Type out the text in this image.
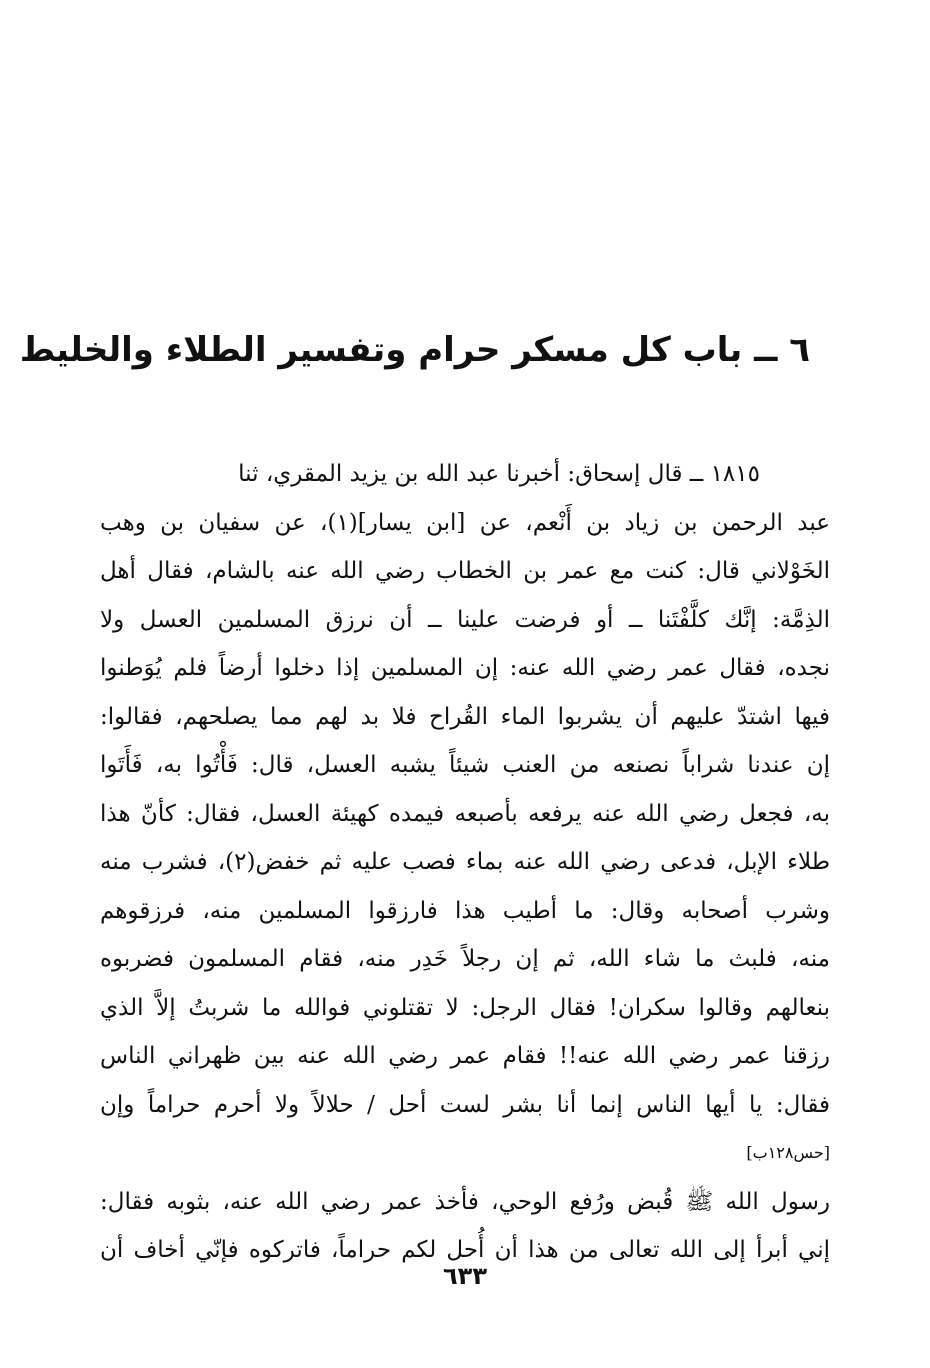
٦ ــ باب كل مسكر حرام وتفسير الطلاء والخليط
١٨١٥ ــ قال إسحاق: أخبرنا عبد الله بن يزيد المقري، ثنا
عبد الرحمن بن زياد بن أَنْعم، عن [ابن يسار](١)، عن سفيان بن وهب
الخَوْلاني قال: كنت مع عمر بن الخطاب رضي الله عنه بالشام، فقال أهل
الذِمَّة: إنَّك كلَّفْتَنا ــ أو فرضت علينا ــ أن نرزق المسلمين العسل ولا
نجده، فقال عمر رضي الله عنه: إن المسلمين إذا دخلوا أرضاً فلم يُوَطنوا
فيها اشتدّ عليهم أن يشربوا الماء القُراح فلا بد لهم مما يصلحهم، فقالوا:
إن عندنا شراباً نصنعه من العنب شيئاً يشبه العسل، قال: فَأْتُوا به، فَأَتَوا
به، فجعل رضي الله عنه يرفعه بأصبعه فيمده كهيئة العسل، فقال: كأنّ هذا
طلاء الإبل، فدعى رضي الله عنه بماء فصب عليه ثم خفض(٢)، فشرب منه
وشرب أصحابه وقال: ما أطيب هذا فارزقوا المسلمين منه، فرزقوهم
منه، فلبث ما شاء الله، ثم إن رجلاً خَدِر منه، فقام المسلمون فضربوه
بنعالهم وقالوا سكران! فقال الرجل: لا تقتلوني فوالله ما شربتُ إلاَّ الذي
رزقنا عمر رضي الله عنه!! فقام عمر رضي الله عنه بين ظهراني الناس
فقال: يا أيها الناس إنما أنا بشر لست أحل / حلالاً ولا أحرم حراماً وإن
[حس١٢٨ب]
رسول الله ﷺ قُبض ورُفع الوحي، فأخذ عمر رضي الله عنه، بثوبه فقال:
إني أبرأ إلى الله تعالى من هذا أن أُحل لكم حراماً، فاتركوه فإنّي أخاف أن
٦٣٣
